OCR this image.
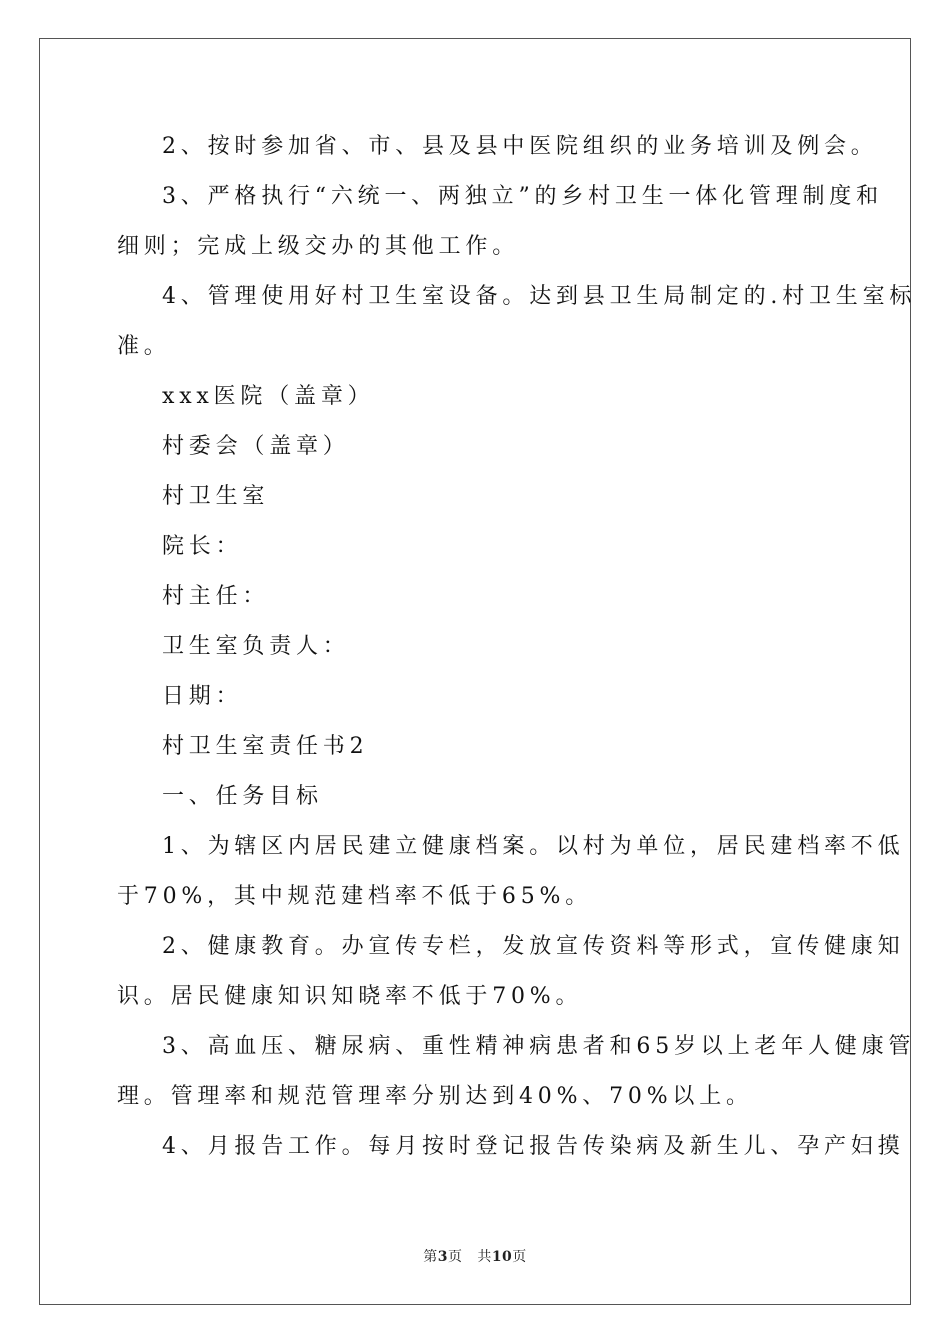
2、按时参加省、市、县及县中医院组织的业务培训及例会。

3、严格执行“六统一、两独立”的乡村卫生一体化管理制度和

细则；完成上级交办的其他工作。

4、管理使用好村卫生室设备。达到县卫生局制定的.村卫生室标

准。

xxx医院（盖章）

村委会（盖章）

村卫生室

院长：

村主任：

卫生室负责人：

日期：

村卫生室责任书2

一、任务目标

1、为辖区内居民建立健康档案。以村为单位，居民建档率不低

于70%，其中规范建档率不低于65%。

2、健康教育。办宣传专栏，发放宣传资料等形式，宣传健康知

识。居民健康知识知晓率不低于70%。

3、高血压、糖尿病、重性精神病患者和65岁以上老年人健康管

理。管理率和规范管理率分别达到40%、70%以上。

4、月报告工作。每月按时登记报告传染病及新生儿、孕产妇摸

第3页 共10页
